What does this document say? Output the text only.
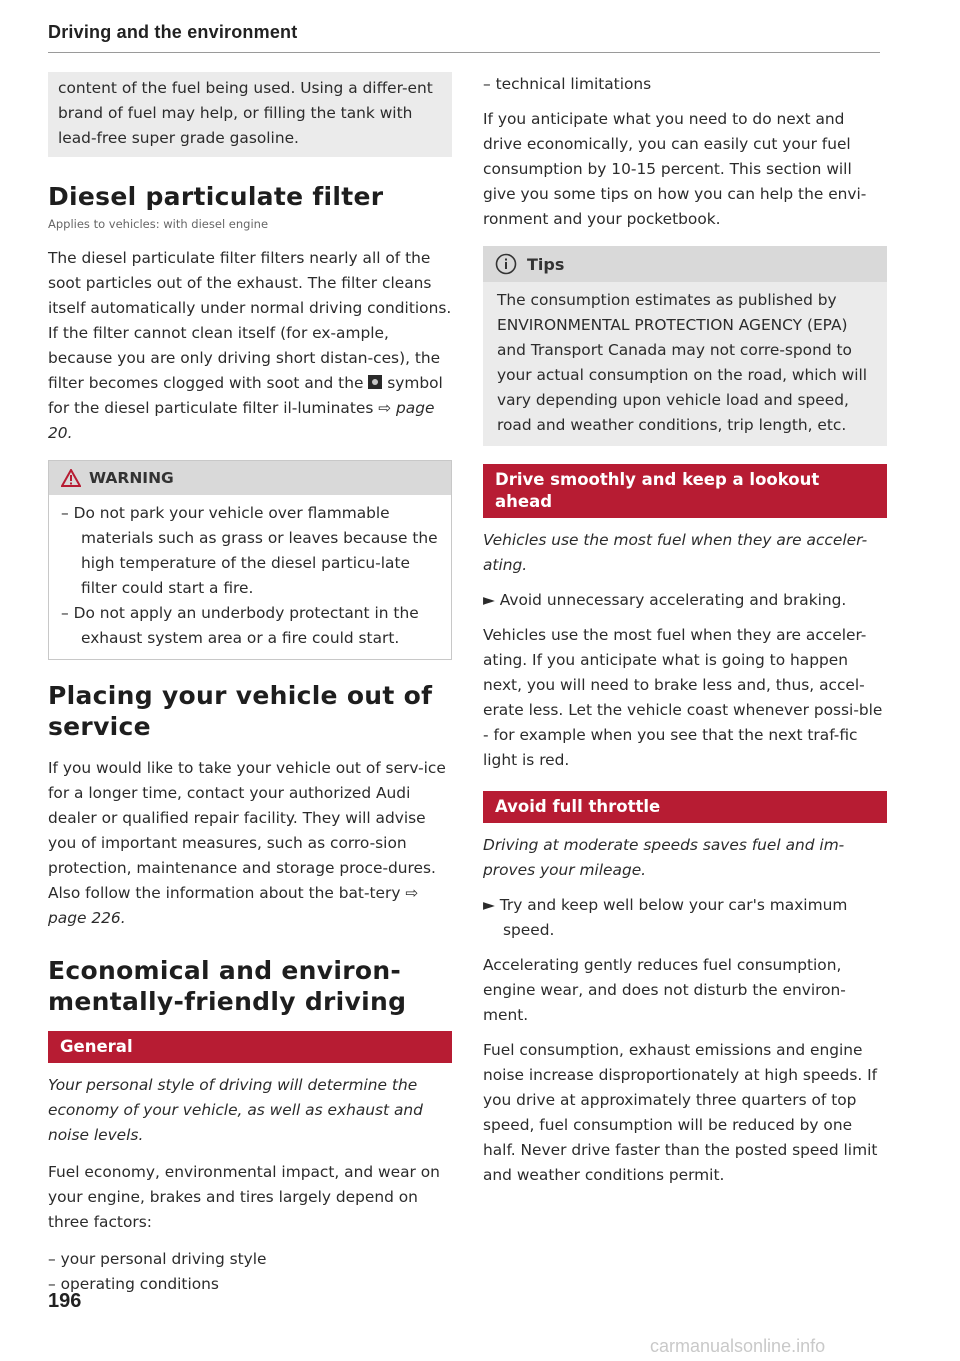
Driving and the environment

content of the fuel being used. Using a differ-ent brand of fuel may help, or filling the tank with lead-free super grade gasoline.

Diesel particulate filter
Applies to vehicles: with diesel engine

The diesel particulate filter filters nearly all of the soot particles out of the exhaust. The filter cleans itself automatically under normal driving conditions. If the filter cannot clean itself (for ex-ample, because you are only driving short distan-ces), the filter becomes clogged with soot and the symbol for the diesel particulate filter il-luminates ⇨ page 20.

WARNING

– Do not park your vehicle over flammable materials such as grass or leaves because the high temperature of the diesel particu-late filter could start a fire.

– Do not apply an underbody protectant in the exhaust system area or a fire could start.

Placing your vehicle out of service

If you would like to take your vehicle out of serv-ice for a longer time, contact your authorized Audi dealer or qualified repair facility. They will advise you of important measures, such as corro-sion protection, maintenance and storage proce-dures. Also follow the information about the bat-tery ⇨ page 226.

Economical and environ-mentally-friendly driving
General

Your personal style of driving will determine the economy of your vehicle, as well as exhaust and noise levels.

Fuel economy, environmental impact, and wear on your engine, brakes and tires largely depend on three factors:

– your personal driving style

– operating conditions

– technical limitations

If you anticipate what you need to do next and drive economically, you can easily cut your fuel consumption by 10-15 percent. This section will give you some tips on how you can help the envi-ronment and your pocketbook.

Tips

The consumption estimates as published by ENVIRONMENTAL PROTECTION AGENCY (EPA) and Transport Canada may not corre-spond to your actual consumption on the road, which will vary depending upon vehicle load and speed, road and weather conditions, trip length, etc.

Drive smoothly and keep a lookout ahead

Vehicles use the most fuel when they are acceler-ating.

► Avoid unnecessary accelerating and braking.

Vehicles use the most fuel when they are acceler-ating. If you anticipate what is going to happen next, you will need to brake less and, thus, accel-erate less. Let the vehicle coast whenever possi-ble - for example when you see that the next traf-fic light is red.

Avoid full throttle

Driving at moderate speeds saves fuel and im-proves your mileage.

► Try and keep well below your car's maximum speed.

Accelerating gently reduces fuel consumption, engine wear, and does not disturb the environ-ment.

Fuel consumption, exhaust emissions and engine noise increase disproportionately at high speeds. If you drive at approximately three quarters of top speed, fuel consumption will be reduced by one half. Never drive faster than the posted speed limit and weather conditions permit.

196
carmanualsonline.info
